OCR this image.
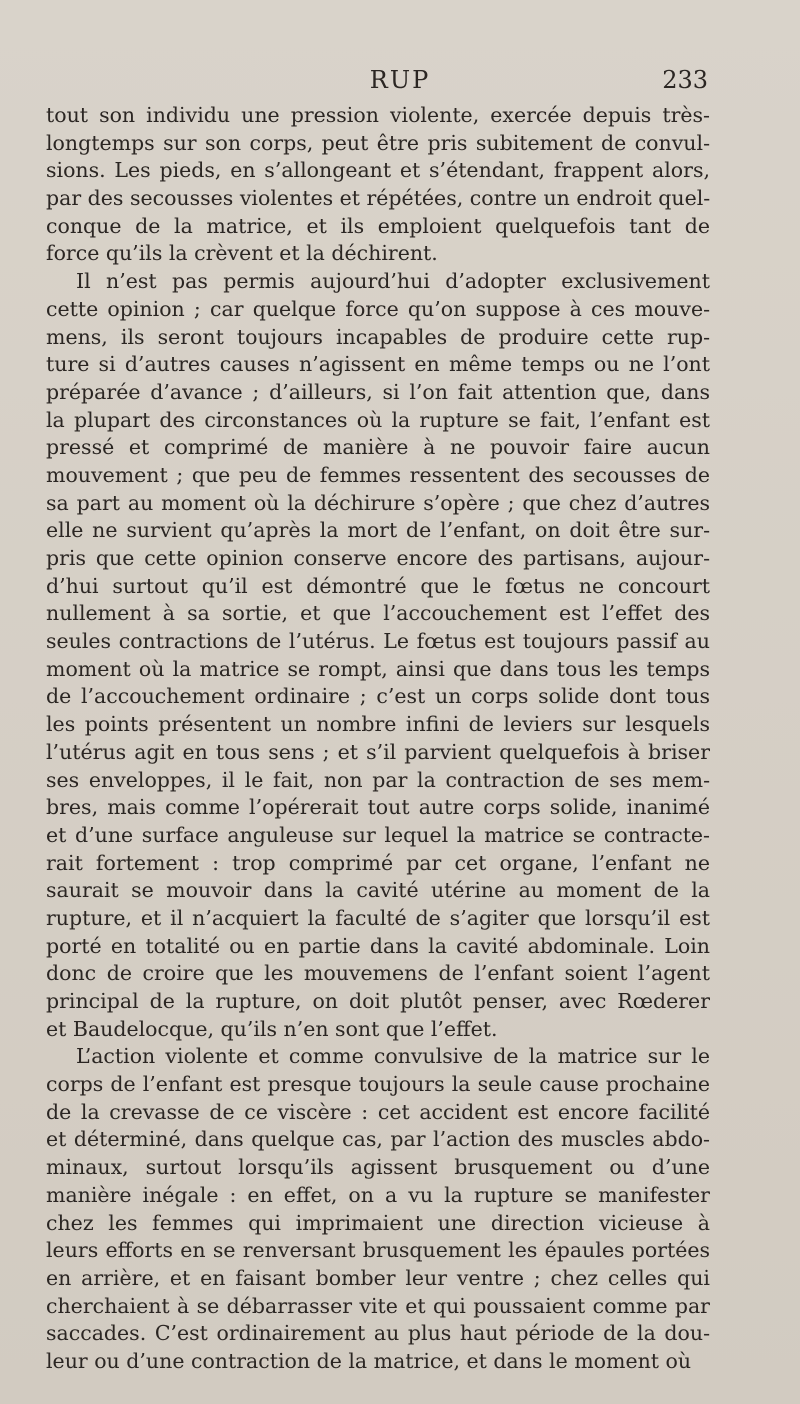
RUP	233
tout son individu une pression violente, exercée depuis très-
longtemps sur son corps, peut être pris subitement de convul-
sions. Les pieds, en s’allongeant et s’étendant, frappent alors,
par des secousses violentes et répétées, contre un endroit quel-
conque de la matrice, et ils emploient quelquefois tant de
force qu’ils la crèvent et la déchirent.
Il n’est pas permis aujourd’hui d’adopter exclusivement
cette opinion ; car quelque force qu’on suppose à ces mouve-
mens, ils seront toujours incapables de produire cette rup-
ture si d’autres causes n’agissent en même temps ou ne l’ont
préparée d’avance ; d’ailleurs, si l’on fait attention que, dans
la plupart des circonstances où la rupture se fait, l’enfant est
pressé et comprimé de manière à ne pouvoir faire aucun
mouvement ; que peu de femmes ressentent des secousses de
sa part au moment où la déchirure s’opère ; que chez d’autres
elle ne survient qu’après la mort de l’enfant, on doit être sur-
pris que cette opinion conserve encore des partisans, aujour-
d’hui surtout qu’il est démontré que le fœtus ne concourt
nullement à sa sortie, et que l’accouchement est l’effet des
seules contractions de l’utérus. Le fœtus est toujours passif au
moment où la matrice se rompt, ainsi que dans tous les temps
de l’accouchement ordinaire ; c’est un corps solide dont tous
les points présentent un nombre infini de leviers sur lesquels
l’utérus agit en tous sens ; et s’il parvient quelquefois à briser
ses enveloppes, il le fait, non par la contraction de ses mem-
bres, mais comme l’opérerait tout autre corps solide, inanimé
et d’une surface anguleuse sur lequel la matrice se contracte-
rait fortement : trop comprimé par cet organe, l’enfant ne
saurait se mouvoir dans la cavité utérine au moment de la
rupture, et il n’acquiert la faculté de s’agiter que lorsqu’il est
porté en totalité ou en partie dans la cavité abdominale. Loin
donc de croire que les mouvemens de l’enfant soient l’agent
principal de la rupture, on doit plutôt penser, avec Rœderer
et Baudelocque, qu’ils n’en sont que l’effet.
L’action violente et comme convulsive de la matrice sur le
corps de l’enfant est presque toujours la seule cause prochaine
de la crevasse de ce viscère : cet accident est encore facilité
et déterminé, dans quelque cas, par l’action des muscles abdo-
minaux, surtout lorsqu’ils agissent brusquement ou d’une
manière inégale : en effet, on a vu la rupture se manifester
chez les femmes qui imprimaient une direction vicieuse à
leurs efforts en se renversant brusquement les épaules portées
en arrière, et en faisant bomber leur ventre ; chez celles qui
cherchaient à se débarrasser vite et qui poussaient comme par
saccades. C’est ordinairement au plus haut période de la dou-
leur ou d’une contraction de la matrice, et dans le moment où
